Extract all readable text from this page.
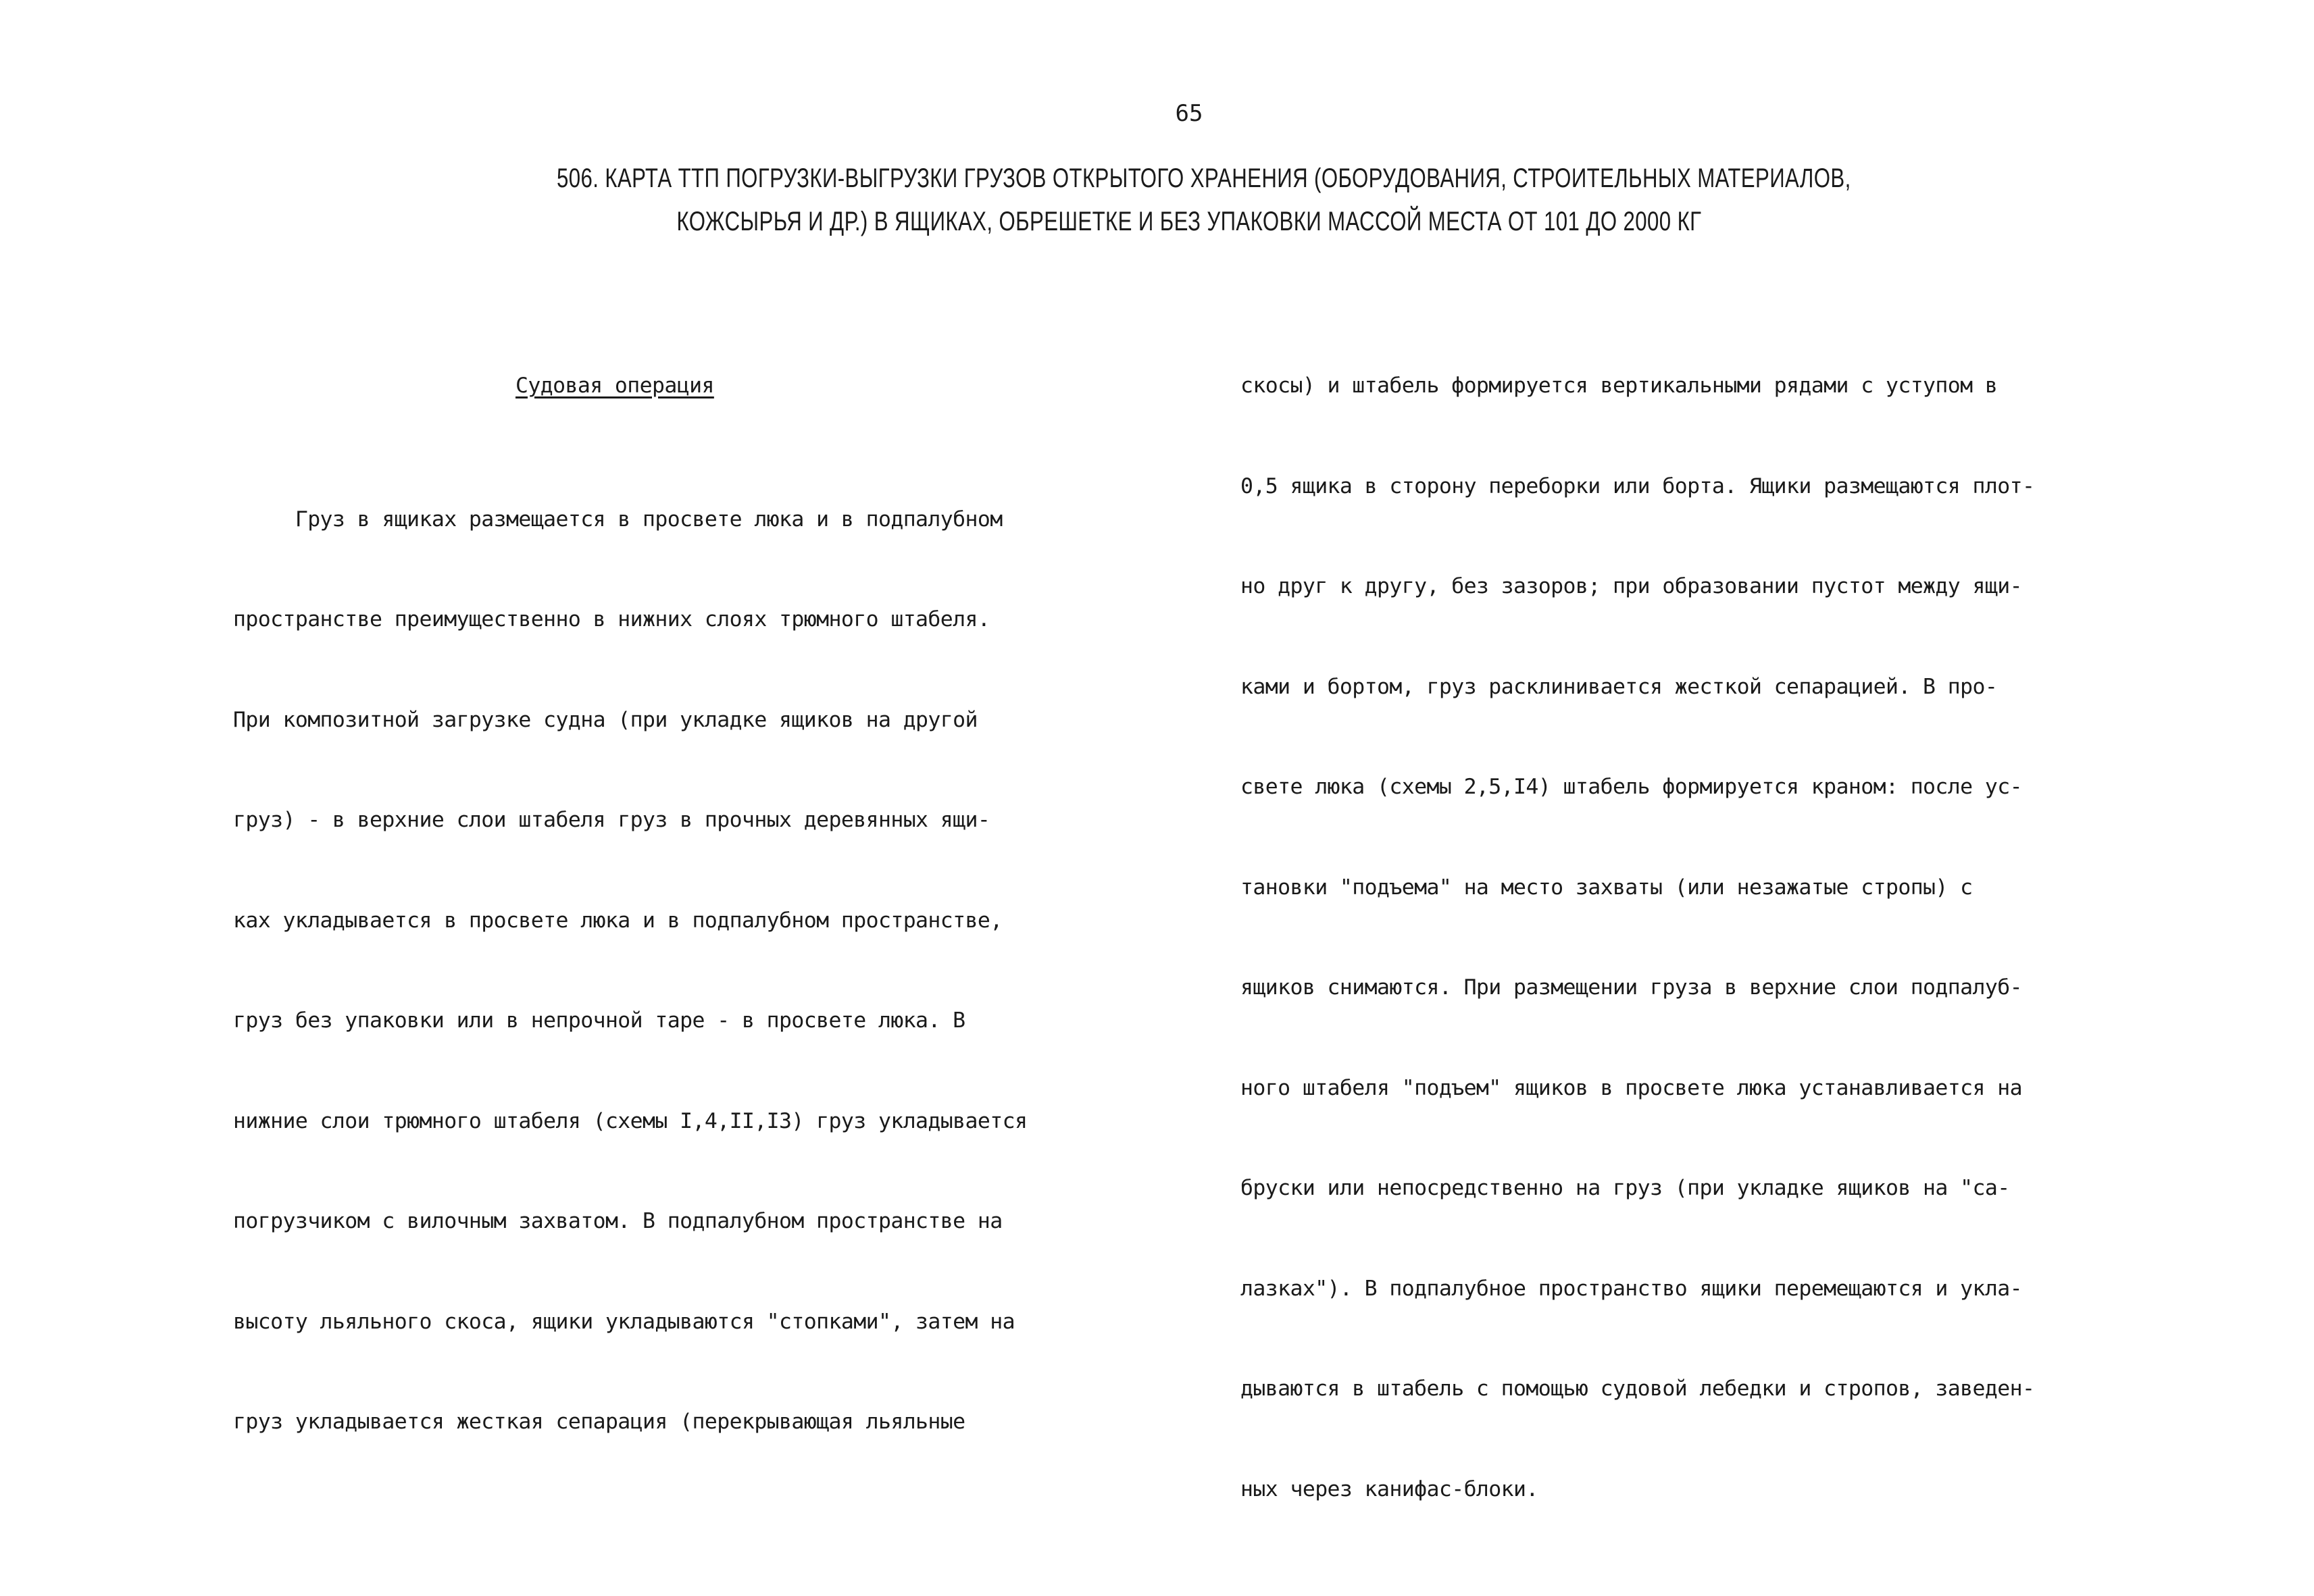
65
506. КАРТА ТТП ПОГРУЗКИ-ВЫГРУЗКИ ГРУЗОВ ОТКРЫТОГО ХРАНЕНИЯ (ОБОРУДОВАНИЯ, СТРОИТЕЛЬНЫХ МАТЕРИАЛОВ,
КОЖСЫРЬЯ И ДР.) В ЯЩИКАХ, ОБРЕШЕТКЕ И БЕЗ УПАКОВКИ МАССОЙ МЕСТА ОТ 101 ДО 2000 КГ

Судовая операция

Груз в ящиках размещается в просвете люка и в подпалубном

пространстве преимущественно в нижних слоях трюмного штабеля.

При композитной загрузке судна (при укладке ящиков на другой

груз) - в верхние слои штабеля груз в прочных деревянных ящи-

ках укладывается в просвете люка и в подпалубном пространстве,

груз без упаковки или в непрочной таре - в просвете люка. В

нижние слои трюмного штабеля (схемы I,4,II,I3) груз укладывается

погрузчиком с вилочным захватом. В подпалубном пространстве на

высоту льяльного скоса, ящики укладываются "стопками", затем на

груз укладывается жесткая сепарация (перекрывающая льяльные

скосы) и штабель формируется вертикальными рядами с уступом в

0,5 ящика в сторону переборки или борта. Ящики размещаются плот-

но друг к другу, без зазоров; при образовании пустот между ящи-

ками и бортом, груз расклинивается жесткой сепарацией. В про-

свете люка (схемы 2,5,I4) штабель формируется краном: после ус-

тановки "подъема" на место захваты (или незажатые стропы) с

ящиков снимаются. При размещении груза в верхние слои подпалуб-

ного штабеля "подъем" ящиков в просвете люка устанавливается на

бруски или непосредственно на груз (при укладке ящиков на "са-

лазках"). В подпалубное пространство ящики перемещаются и укла-

дываются в штабель с помощью судовой лебедки и стропов, заведен-

ных через канифас-блоки.
